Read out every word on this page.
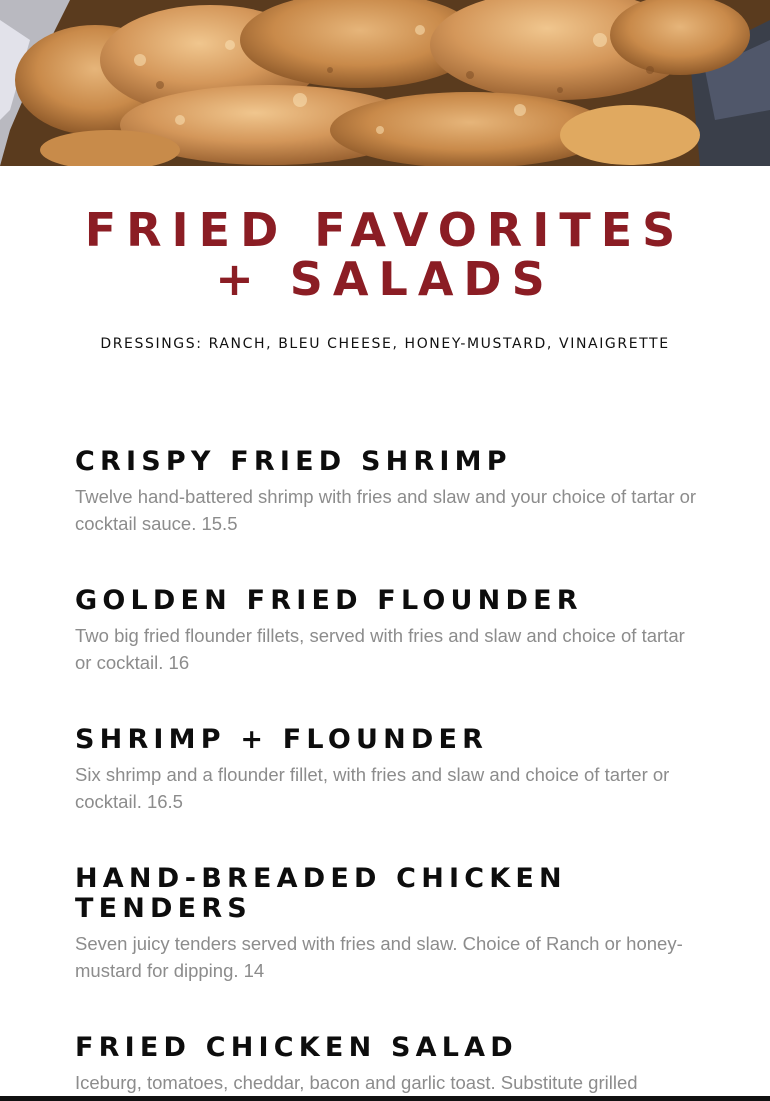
FRIED FAVORITES
+ SALADS
DRESSINGS: RANCH, BLEU CHEESE, HONEY-MUSTARD, VINAIGRETTE
CRISPY FRIED SHRIMP

Twelve hand-battered shrimp with fries and slaw and your choice of tartar or cocktail sauce. 15.5

GOLDEN FRIED FLOUNDER

Two big fried flounder fillets, served with fries and slaw and choice of tartar or cocktail. 16

SHRIMP + FLOUNDER

Six shrimp and a flounder fillet, with fries and slaw and choice of tarter or cocktail. 16.5

HAND-BREADED CHICKEN TENDERS

Seven juicy tenders served with fries and slaw. Choice of Ranch or honey-mustard for dipping. 14

FRIED CHICKEN SALAD

Iceburg, tomatoes, cheddar, bacon and garlic toast. Substitute grilled
